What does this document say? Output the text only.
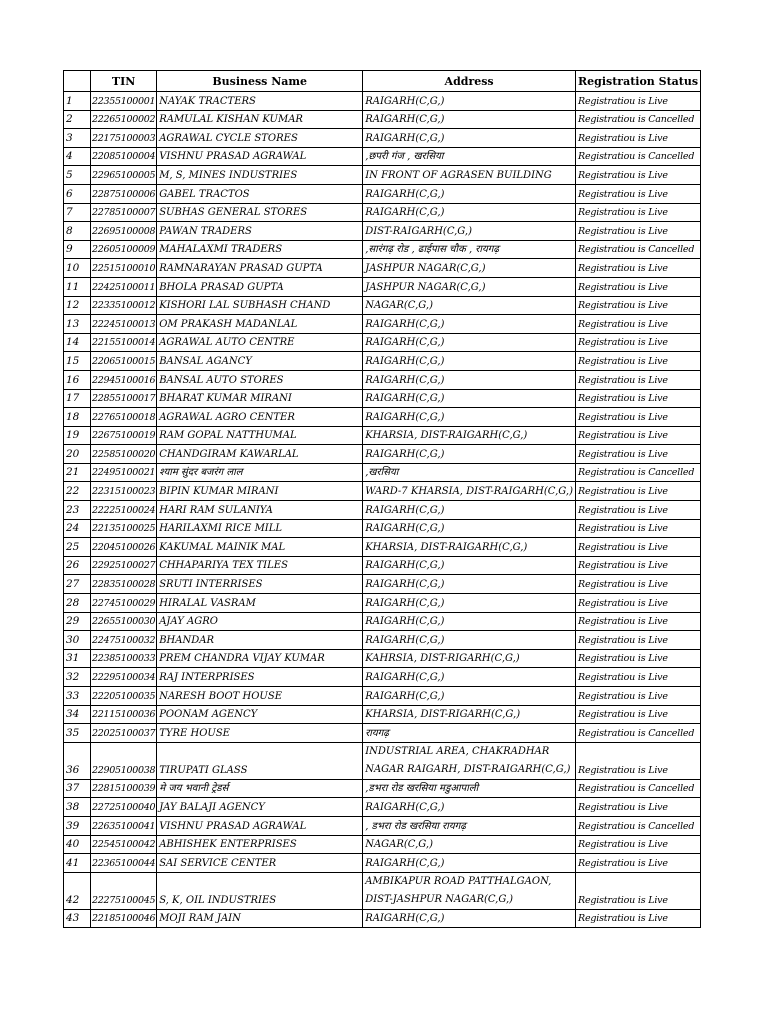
	TIN	Business Name	Address	Registration Status
1	22355100001	NAYAK TRACTERS	RAIGARH(C,G,)	Registratiou is Live
2	22265100002	RAMULAL KISHAN KUMAR	RAIGARH(C,G,)	Registratiou is Cancelled
3	22175100003	AGRAWAL CYCLE STORES	RAIGARH(C,G,)	Registratiou is Live
4	22085100004	VISHNU PRASAD AGRAWAL	,छपरी गंज , खरसिया	Registratiou is Cancelled
5	22965100005	M, S, MINES INDUSTRIES	IN FRONT OF AGRASEN BUILDING	Registratiou is Live
6	22875100006	GABEL TRACTOS	RAIGARH(C,G,)	Registratiou is Live
7	22785100007	SUBHAS GENERAL STORES	RAIGARH(C,G,)	Registratiou is Live
8	22695100008	PAWAN TRADERS	DIST-RAIGARH(C,G,)	Registratiou is Live
9	22605100009	MAHALAXMI TRADERS	,सारंगढ़ रोड , ढाईपास चौक , रायगढ़	Registratiou is Cancelled
10	22515100010	RAMNARAYAN PRASAD GUPTA	JASHPUR NAGAR(C,G,)	Registratiou is Live
11	22425100011	BHOLA PRASAD GUPTA	JASHPUR NAGAR(C,G,)	Registratiou is Live
12	22335100012	KISHORI LAL SUBHASH CHAND	NAGAR(C,G,)	Registratiou is Live
13	22245100013	OM PRAKASH MADANLAL	RAIGARH(C,G,)	Registratiou is Live
14	22155100014	AGRAWAL AUTO CENTRE	RAIGARH(C,G,)	Registratiou is Live
15	22065100015	BANSAL AGANCY	RAIGARH(C,G,)	Registratiou is Live
16	22945100016	BANSAL AUTO STORES	RAIGARH(C,G,)	Registratiou is Live
17	22855100017	BHARAT KUMAR MIRANI	RAIGARH(C,G,)	Registratiou is Live
18	22765100018	AGRAWAL AGRO CENTER	RAIGARH(C,G,)	Registratiou is Live
19	22675100019	RAM GOPAL NATTHUMAL	KHARSIA, DIST-RAIGARH(C,G,)	Registratiou is Live
20	22585100020	CHANDGIRAM KAWARLAL	RAIGARH(C,G,)	Registratiou is Live
21	22495100021	श्याम सुंदर बजरंग लाल	,खरसिया	Registratiou is Cancelled
22	22315100023	BIPIN KUMAR MIRANI	WARD-7 KHARSIA, DIST-RAIGARH(C,G,)	Registratiou is Live
23	22225100024	HARI RAM SULANIYA	RAIGARH(C,G,)	Registratiou is Live
24	22135100025	HARILAXMI RICE MILL	RAIGARH(C,G,)	Registratiou is Live
25	22045100026	KAKUMAL MAINIK MAL	KHARSIA, DIST-RAIGARH(C,G,)	Registratiou is Live
26	22925100027	CHHAPARIYA TEX TILES	RAIGARH(C,G,)	Registratiou is Live
27	22835100028	SRUTI INTERRISES	RAIGARH(C,G,)	Registratiou is Live
28	22745100029	HIRALAL VASRAM	RAIGARH(C,G,)	Registratiou is Live
29	22655100030	AJAY AGRO	RAIGARH(C,G,)	Registratiou is Live
30	22475100032	BHANDAR	RAIGARH(C,G,)	Registratiou is Live
31	22385100033	PREM CHANDRA VIJAY KUMAR	KAHRSIA, DIST-RIGARH(C,G,)	Registratiou is Live
32	22295100034	RAJ INTERPRISES	RAIGARH(C,G,)	Registratiou is Live
33	22205100035	NARESH BOOT HOUSE	RAIGARH(C,G,)	Registratiou is Live
34	22115100036	POONAM AGENCY	KHARSIA, DIST-RIGARH(C,G,)	Registratiou is Live
35	22025100037	TYRE HOUSE	रायगढ़	Registratiou is Cancelled
36	22905100038	TIRUPATI GLASS	INDUSTRIAL AREA, CHAKRADHAR NAGAR RAIGARH, DIST-RAIGARH(C,G,)	Registratiou is Live
37	22815100039	मे जय भवानी ट्रेडर्स	,डभरा रोड खरसिया मडुआपाली	Registratiou is Cancelled
38	22725100040	JAY BALAJI AGENCY	RAIGARH(C,G,)	Registratiou is Live
39	22635100041	VISHNU PRASAD AGRAWAL	, डभरा रोड खरसिया रायगढ़	Registratiou is Cancelled
40	22545100042	ABHISHEK ENTERPRISES	NAGAR(C,G,)	Registratiou is Live
41	22365100044	SAI SERVICE CENTER	RAIGARH(C,G,)	Registratiou is Live
42	22275100045	S, K, OIL INDUSTRIES	AMBIKAPUR ROAD PATTHALGAON, DIST-JASHPUR NAGAR(C,G,)	Registratiou is Live
43	22185100046	MOJI RAM JAIN	RAIGARH(C,G,)	Registratiou is Live
